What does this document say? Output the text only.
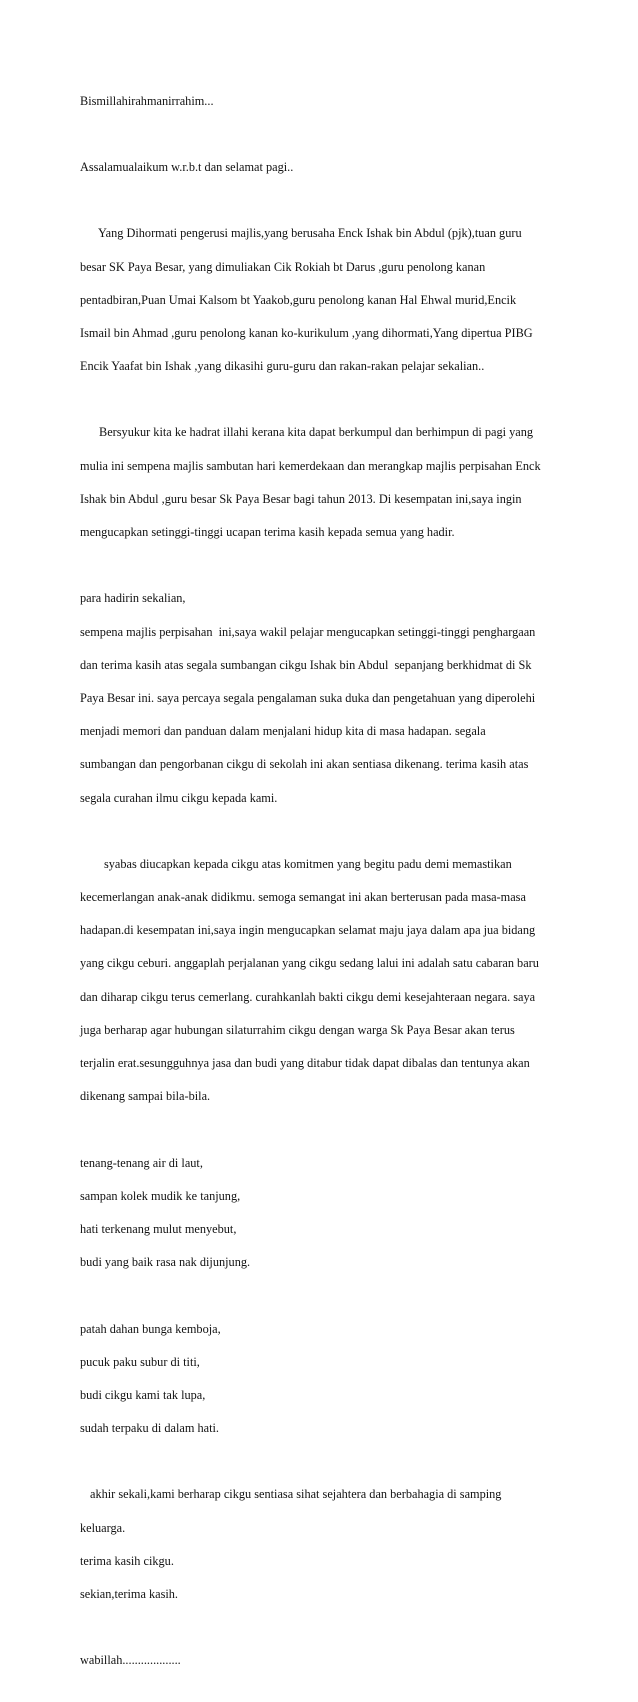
Bismillahirahmanirrahim...

Assalamualaikum w.r.b.t dan selamat pagi..

Yang Dihormati pengerusi majlis,yang berusaha Enck Ishak bin Abdul (pjk),tuan guru

besar SK Paya Besar, yang dimuliakan Cik Rokiah bt Darus ,guru penolong kanan

pentadbiran,Puan Umai Kalsom bt Yaakob,guru penolong kanan Hal Ehwal murid,Encik

Ismail bin Ahmad ,guru penolong kanan ko-kurikulum ,yang dihormati,Yang dipertua PIBG

Encik Yaafat bin Ishak ,yang dikasihi guru-guru dan rakan-rakan pelajar sekalian..

Bersyukur kita ke hadrat illahi kerana kita dapat berkumpul dan berhimpun di pagi yang

mulia ini sempena majlis sambutan hari kemerdekaan dan merangkap majlis perpisahan Enck

Ishak bin Abdul ,guru besar Sk Paya Besar bagi tahun 2013. Di kesempatan ini,saya ingin

mengucapkan setinggi-tinggi ucapan terima kasih kepada semua yang hadir.

para hadirin sekalian,

sempena majlis perpisahan  ini,saya wakil pelajar mengucapkan setinggi-tinggi penghargaan

dan terima kasih atas segala sumbangan cikgu Ishak bin Abdul  sepanjang berkhidmat di Sk

Paya Besar ini. saya percaya segala pengalaman suka duka dan pengetahuan yang diperolehi

menjadi memori dan panduan dalam menjalani hidup kita di masa hadapan. segala

sumbangan dan pengorbanan cikgu di sekolah ini akan sentiasa dikenang. terima kasih atas

segala curahan ilmu cikgu kepada kami.

syabas diucapkan kepada cikgu atas komitmen yang begitu padu demi memastikan

kecemerlangan anak-anak didikmu. semoga semangat ini akan berterusan pada masa-masa

hadapan.di kesempatan ini,saya ingin mengucapkan selamat maju jaya dalam apa jua bidang

yang cikgu ceburi. anggaplah perjalanan yang cikgu sedang lalui ini adalah satu cabaran baru

dan diharap cikgu terus cemerlang. curahkanlah bakti cikgu demi kesejahteraan negara. saya

juga berharap agar hubungan silaturrahim cikgu dengan warga Sk Paya Besar akan terus

terjalin erat.sesungguhnya jasa dan budi yang ditabur tidak dapat dibalas dan tentunya akan

dikenang sampai bila-bila.

tenang-tenang air di laut,

sampan kolek mudik ke tanjung,

hati terkenang mulut menyebut,

budi yang baik rasa nak dijunjung.

patah dahan bunga kemboja,

pucuk paku subur di titi,

budi cikgu kami tak lupa,

sudah terpaku di dalam hati.

akhir sekali,kami berharap cikgu sentiasa sihat sejahtera dan berbahagia di samping

keluarga.

terima kasih cikgu.

sekian,terima kasih.

wabillah...................
